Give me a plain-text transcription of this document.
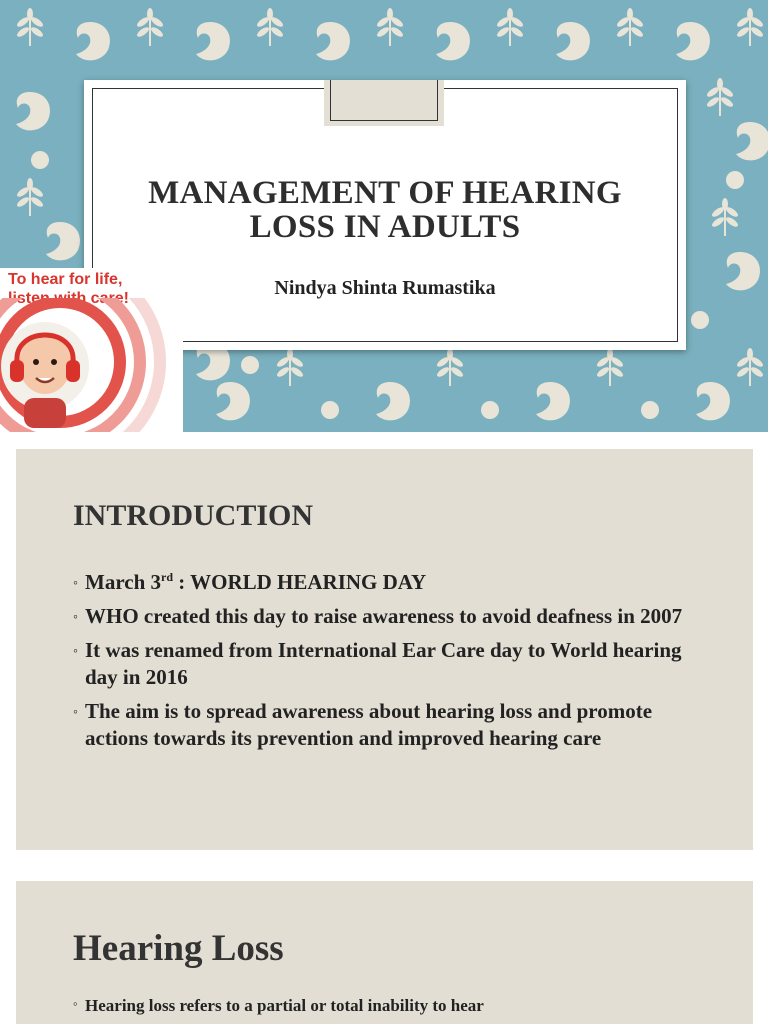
MANAGEMENT OF HEARING LOSS IN ADULTS
Nindya Shinta Rumastika
To hear for life,
listen with care!
INTRODUCTION
◦ March 3rd : WORLD HEARING DAY
◦ WHO created this day to raise awareness to avoid deafness in 2007
◦ It was renamed from International Ear Care day to World hearing day in 2016
◦ The aim is to spread awareness about hearing loss and promote actions towards its prevention and improved hearing care
Hearing Loss
◦ Hearing loss refers to a partial or total inability to hear
